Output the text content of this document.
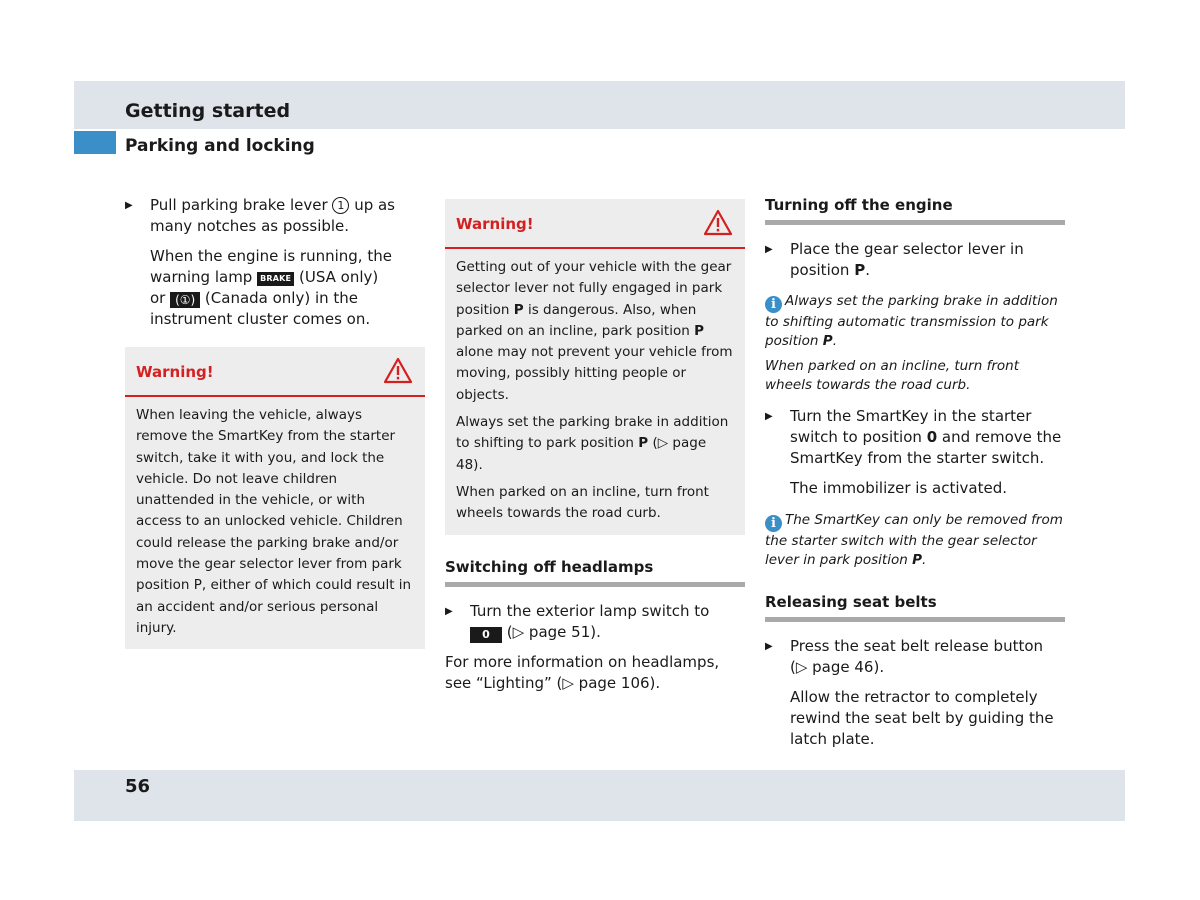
Getting started
Parking and locking

▶ Pull parking brake lever 1 up as many notches as possible.

When the engine is running, the warning lamp BRAKE (USA only)
or (①) (Canada only) in the instrument cluster comes on.

Warning!

When leaving the vehicle, always remove the SmartKey from the starter switch, take it with you, and lock the vehicle. Do not leave children unattended in the vehicle, or with access to an unlocked vehicle. Children could release the parking brake and/or move the gear selector lever from park position P, either of which could result in an accident and/or serious personal injury.

Warning!

Getting out of your vehicle with the gear selector lever not fully engaged in park position P is dangerous. Also, when parked on an incline, park position P alone may not prevent your vehicle from moving, possibly hitting people or objects.

Always set the parking brake in addition to shifting to park position P (▷ page 48).

When parked on an incline, turn front wheels towards the road curb.

Switching off headlamps

▶ Turn the exterior lamp switch to 0 (▷ page 51).

For more information on headlamps, see “Lighting” (▷ page 106).

Turning off the engine

▶ Place the gear selector lever in position P.

i Always set the parking brake in addition to shifting automatic transmission to park position P.

When parked on an incline, turn front wheels towards the road curb.

▶ Turn the SmartKey in the starter switch to position 0 and remove the SmartKey from the starter switch.

The immobilizer is activated.

i The SmartKey can only be removed from the starter switch with the gear selector lever in park position P.

Releasing seat belts

▶ Press the seat belt release button (▷ page 46).

Allow the retractor to completely rewind the seat belt by guiding the latch plate.

56
